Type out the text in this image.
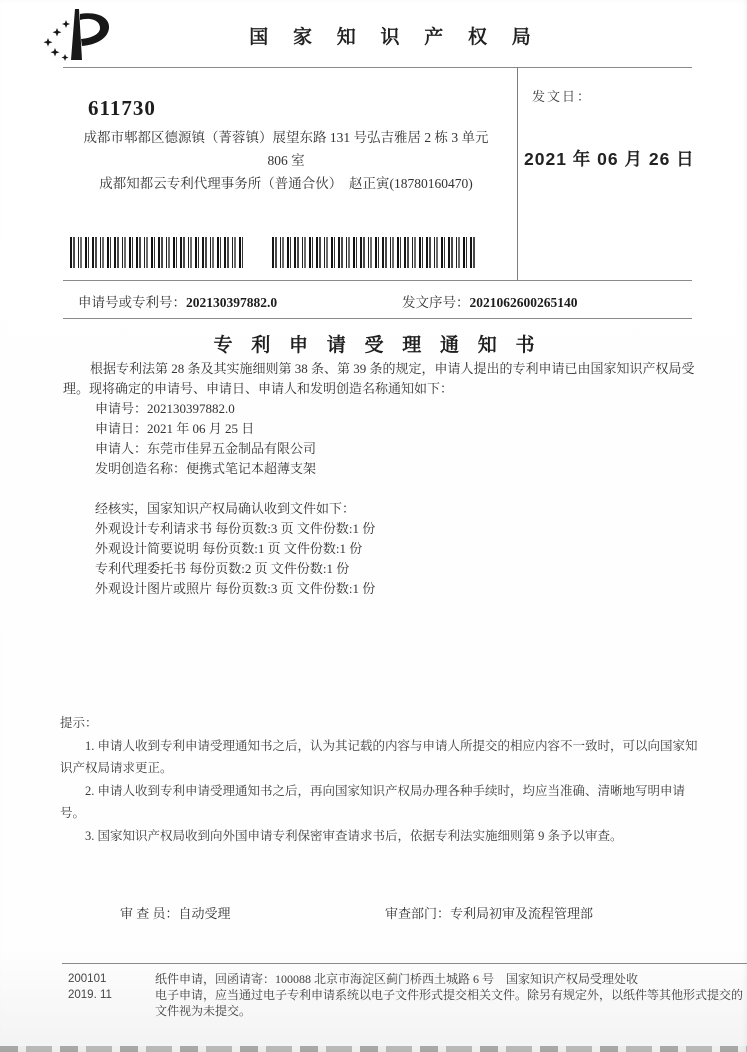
国 家 知 识 产 权 局
发文日：
2021 年 06 月 26 日
611730
成都市郫都区德源镇（菁蓉镇）展望东路 131 号弘吉雅居 2 栋 3 单元
806 室
成都知都云专利代理事务所（普通合伙）　赵正寅(18780160470)
申请号或专利号：202130397882.0	发文序号：2021062600265140
专 利 申 请 受 理 通 知 书
根据专利法第 28 条及其实施细则第 38 条、第 39 条的规定，申请人提出的专利申请已由国家知识产权局受理。现将确定的申请号、申请日、申请人和发明创造名称通知如下：
申请号：202130397882.0
申请日：2021 年 06 月 25 日
申请人：东莞市佳昇五金制品有限公司
发明创造名称：便携式笔记本超薄支架
经核实，国家知识产权局确认收到文件如下：
外观设计专利请求书 每份页数:3 页 文件份数:1 份
外观设计简要说明 每份页数:1 页 文件份数:1 份
专利代理委托书 每份页数:2 页 文件份数:1 份
外观设计图片或照片 每份页数:3 页 文件份数:1 份

提示：

1. 申请人收到专利申请受理通知书之后，认为其记载的内容与申请人所提交的相应内容不一致时，可以向国家知识产权局请求更正。

2. 申请人收到专利申请受理通知书之后，再向国家知识产权局办理各种手续时，均应当准确、清晰地写明申请号。

3. 国家知识产权局收到向外国申请专利保密审查请求书后，依据专利法实施细则第 9 条予以审查。

审 查 员：自动受理	审查部门：专利局初审及流程管理部
200101
2019. 11
纸件申请，回函请寄：100088 北京市海淀区蓟门桥西土城路 6 号　国家知识产权局受理处收
电子申请，应当通过电子专利申请系统以电子文件形式提交相关文件。除另有规定外，以纸件等其他形式提交的文件视为未提交。
